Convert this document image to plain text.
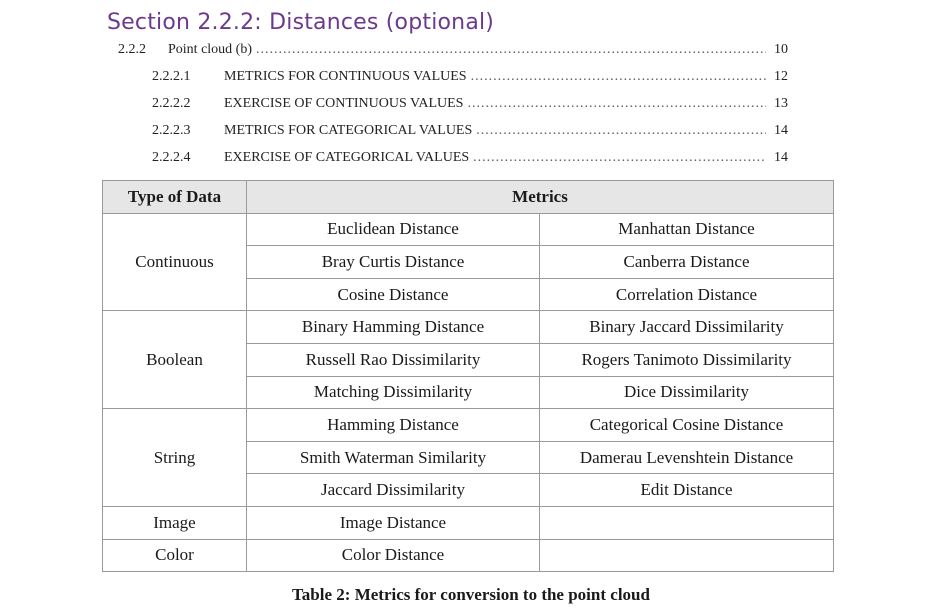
Section 2.2.2: Distances (optional)
2.2.2	Point cloud (b) .....	10
2.2.2.1	METRICS FOR CONTINUOUS VALUES .....	12
2.2.2.2	EXERCISE OF CONTINUOUS VALUES .....	13
2.2.2.3	METRICS FOR CATEGORICAL VALUES .....	14
2.2.2.4	EXERCISE OF CATEGORICAL VALUES .....	14
Type of Data	Metrics	
Continuous	Euclidean Distance	Manhattan Distance
	Bray Curtis Distance	Canberra Distance
	Cosine Distance	Correlation Distance
Boolean	Binary Hamming Distance	Binary Jaccard Dissimilarity
	Russell Rao Dissimilarity	Rogers Tanimoto Dissimilarity
	Matching Dissimilarity	Dice Dissimilarity
String	Hamming Distance	Categorical Cosine Distance
	Smith Waterman Similarity	Damerau Levenshtein Distance
	Jaccard Dissimilarity	Edit Distance
Image	Image Distance	
Color	Color Distance	
Table 2: Metrics for conversion to the point cloud
